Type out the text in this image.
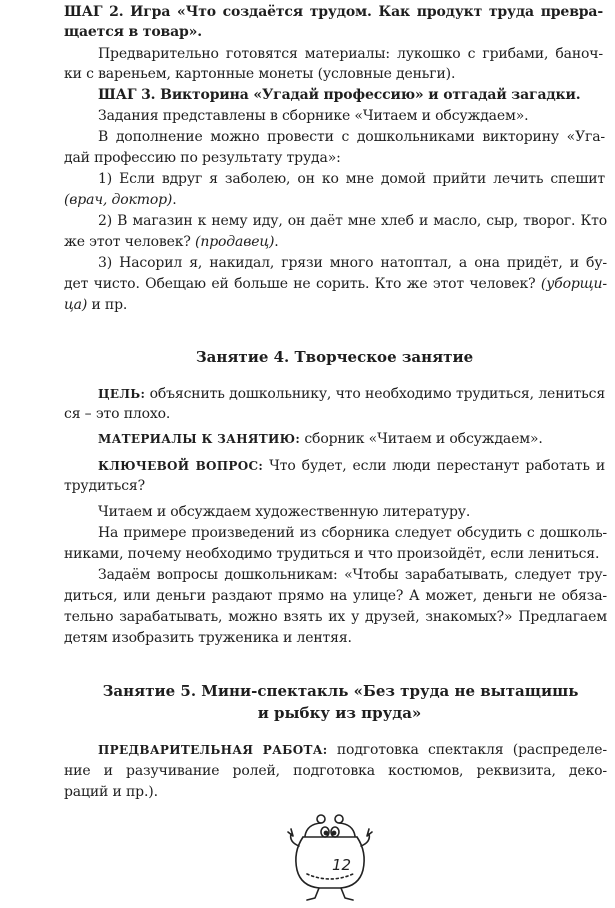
ШАГ 2. Игра «Что создаётся трудом. Как продукт труда превра-
щается в товар».
Предварительно готовятся материалы: лукошко с грибами, баноч-
ки с вареньем, картонные монеты (условные деньги).
ШАГ 3. Викторина «Угадай профессию» и отгадай загадки.
Задания представлены в сборнике «Читаем и обсуждаем».
В дополнение можно провести с дошкольниками викторину «Уга-
дай профессию по результату труда»:
1) Если вдруг я заболею, он ко мне домой прийти лечить спешит
(врач, доктор).
2) В магазин к нему иду, он даёт мне хлеб и масло, сыр, творог. Кто
же этот человек? (продавец).
3) Насорил я, накидал, грязи много натоптал, а она придёт, и бу-
дет чисто. Обещаю ей больше не сорить. Кто же этот человек? (уборщи-
ца) и пр.
Занятие 4. Творческое занятие
ЦЕЛЬ: объяснить дошкольнику, что необходимо трудиться, лениться
ся – это плохо.
МАТЕРИАЛЫ К ЗАНЯТИЮ: сборник «Читаем и обсуждаем».
КЛЮЧЕВОЙ ВОПРОС: Что будет, если люди перестанут работать и
трудиться?
Читаем и обсуждаем художественную литературу.
На примере произведений из сборника следует обсудить с дошколь-
никами, почему необходимо трудиться и что произойдёт, если лениться.
Задаём вопросы дошкольникам: «Чтобы зарабатывать, следует тру-
диться, или деньги раздают прямо на улице? А может, деньги не обяза-
тельно зарабатывать, можно взять их у друзей, знакомых?» Предлагаем
детям изобразить труженика и лентяя.
Занятие 5. Мини-спектакль «Без труда не вытащишь
и рыбку из пруда»
ПРЕДВАРИТЕЛЬНАЯ РАБОТА: подготовка спектакля (распределе-
ние и разучивание ролей, подготовка костюмов, реквизита, деко-
раций и пр.).
12
